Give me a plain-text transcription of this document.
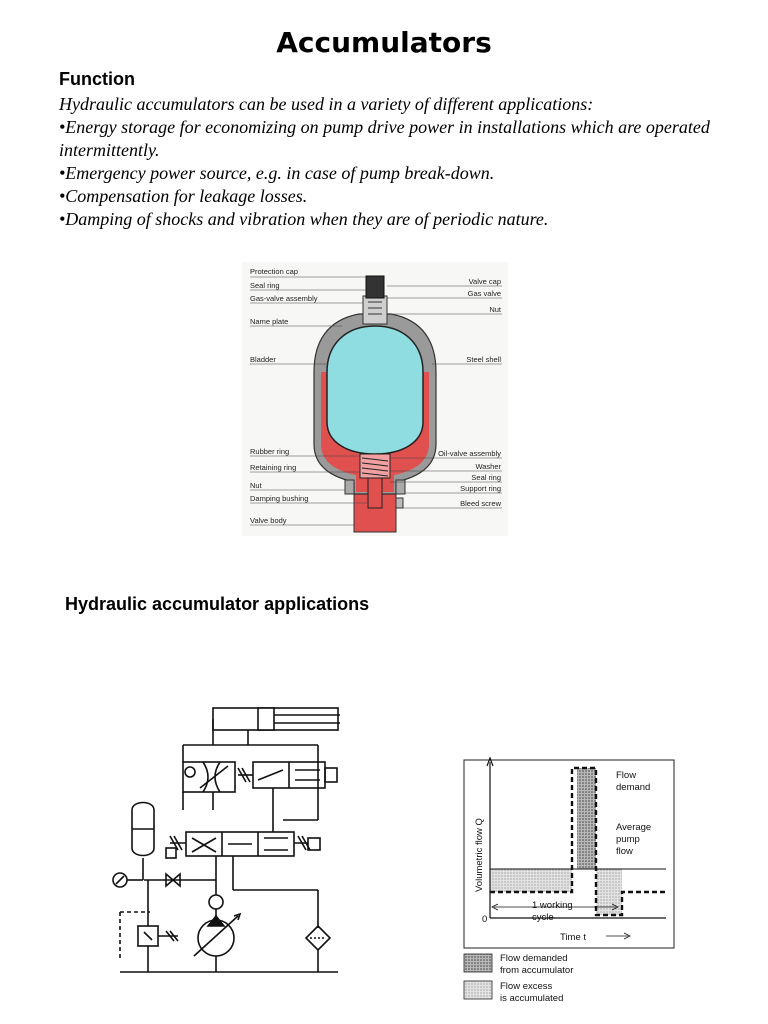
Accumulators
Function
Hydraulic accumulators can be used in a variety of different applications:
•Energy storage for economizing on pump drive power in installations which are operated intermittently.
•Emergency power source, e.g. in case of pump break-down.
•Compensation for leakage losses.
•Damping of shocks and vibration when they are of periodic nature.
Protection cap
Seal ring
Gas-valve assembly
Name plate
Bladder
Rubber ring
Retaining ring
Nut
Damping bushing
Valve body
Valve cap
Gas valve
Nut
Steel shell
Oil-valve assembly
Washer
Seal ring
Support ring
Bleed screw
Hydraulic accumulator applications
Volumetric flow Q
0
Time t
Flow
demand
Average
pump
flow
1 working
cycle
Flow demanded
from accumulator
Flow excess
is accumulated
